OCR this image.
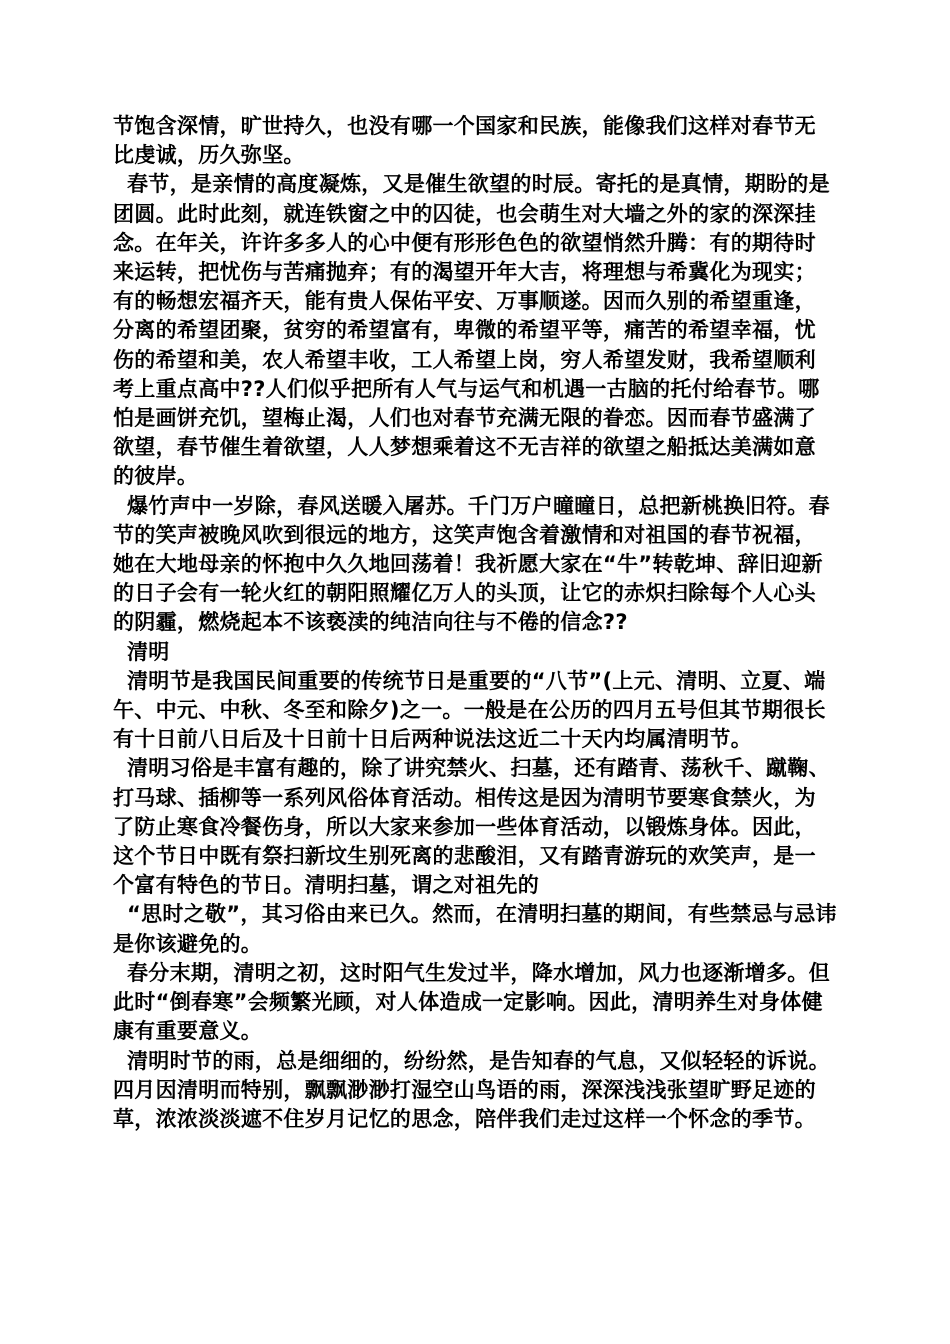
节饱含深情，旷世持久，也没有哪一个国家和民族，能像我们这样对春节无比虔诚，历久弥坚。

春节，是亲情的高度凝炼，又是催生欲望的时辰。寄托的是真情，期盼的是团圆。此时此刻，就连铁窗之中的囚徒，也会萌生对大墙之外的家的深深挂念。在年关，许许多多人的心中便有形形色色的欲望悄然升腾：有的期待时来运转，把忧伤与苦痛抛弃；有的渴望开年大吉，将理想与希冀化为现实；有的畅想宏福齐天，能有贵人保佑平安、万事顺遂。因而久别的希望重逢，分离的希望团聚，贫穷的希望富有，卑微的希望平等，痛苦的希望幸福，忧伤的希望和美，农人希望丰收，工人希望上岗，穷人希望发财，我希望顺利考上重点高中??人们似乎把所有人气与运气和机遇一古脑的托付给春节。哪怕是画饼充饥，望梅止渴，人们也对春节充满无限的眷恋。因而春节盛满了欲望，春节催生着欲望，人人梦想乘着这不无吉祥的欲望之船抵达美满如意的彼岸。

爆竹声中一岁除，春风送暖入屠苏。千门万户曈曈日，总把新桃换旧符。春节的笑声被晚风吹到很远的地方，这笑声饱含着激情和对祖国的春节祝福，她在大地母亲的怀抱中久久地回荡着！我祈愿大家在“牛”转乾坤、辞旧迎新的日子会有一轮火红的朝阳照耀亿万人的头顶，让它的赤炽扫除每个人心头的阴霾，燃烧起本不该亵渎的纯洁向往与不倦的信念??

清明

清明节是我国民间重要的传统节日是重要的“八节”(上元、清明、立夏、端午、中元、中秋、冬至和除夕)之一。一般是在公历的四月五号但其节期很长有十日前八日后及十日前十日后两种说法这近二十天内均属清明节。

清明习俗是丰富有趣的，除了讲究禁火、扫墓，还有踏青、荡秋千、蹴鞠、打马球、插柳等一系列风俗体育活动。相传这是因为清明节要寒食禁火，为了防止寒食冷餐伤身，所以大家来参加一些体育活动，以锻炼身体。因此，这个节日中既有祭扫新坟生别死离的悲酸泪，又有踏青游玩的欢笑声，是一个富有特色的节日。清明扫墓，谓之对祖先的

“思时之敬”，其习俗由来已久。然而，在清明扫墓的期间，有些禁忌与忌讳是你该避免的。

春分末期，清明之初，这时阳气生发过半，降水增加，风力也逐渐增多。但此时“倒春寒”会频繁光顾，对人体造成一定影响。因此，清明养生对身体健康有重要意义。

清明时节的雨，总是细细的，纷纷然，是告知春的气息，又似轻轻的诉说。四月因清明而特别，飘飘渺渺打湿空山鸟语的雨，深深浅浅张望旷野足迹的草，浓浓淡淡遮不住岁月记忆的思念，陪伴我们走过这样一个怀念的季节。
